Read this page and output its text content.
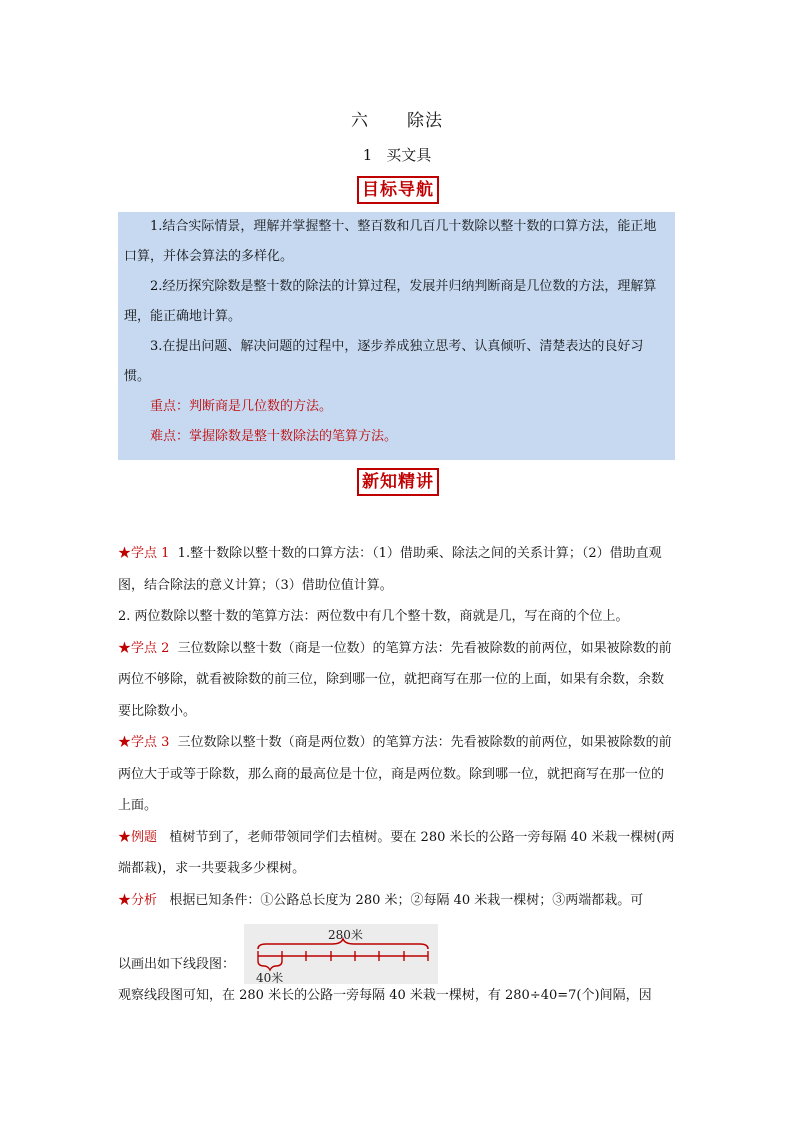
六 除法
1 买文具
目标导航

1.结合实际情景，理解并掌握整十、整百数和几百几十数除以整十数的口算方法，能正地口算，并体会算法的多样化。

2.经历探究除数是整十数的除法的计算过程，发展并归纳判断商是几位数的方法，理解算理，能正确地计算。

3.在提出问题、解决问题的过程中，逐步养成独立思考、认真倾听、清楚表达的良好习惯。

重点：判断商是几位数的方法。

难点：掌握除数是整十数除法的笔算方法。

新知精讲

★学点 1 1.整十数除以整十数的口算方法：（1）借助乘、除法之间的关系计算；（2）借助直观图，结合除法的意义计算；（3）借助位值计算。

2. 两位数除以整十数的笔算方法：两位数中有几个整十数，商就是几，写在商的个位上。

★学点 2 三位数除以整十数（商是一位数）的笔算方法：先看被除数的前两位，如果被除数的前两位不够除，就看被除数的前三位，除到哪一位，就把商写在那一位的上面，如果有余数，余数要比除数小。

★学点 3 三位数除以整十数（商是两位数）的笔算方法：先看被除数的前两位，如果被除数的前两位大于或等于除数，那么商的最高位是十位，商是两位数。除到哪一位，就把商写在那一位的上面。

★例题 植树节到了，老师带领同学们去植树。要在 280 米长的公路一旁每隔 40 米栽一棵树(两端都栽)，求一共要栽多少棵树。

★分析 根据已知条件：①公路总长度为 280 米；②每隔 40 米栽一棵树；③两端都栽。可

以画出如下线段图：
280米
40米

观察线段图可知，在 280 米长的公路一旁每隔 40 米栽一棵树，有 280÷40=7(个)间隔，因
